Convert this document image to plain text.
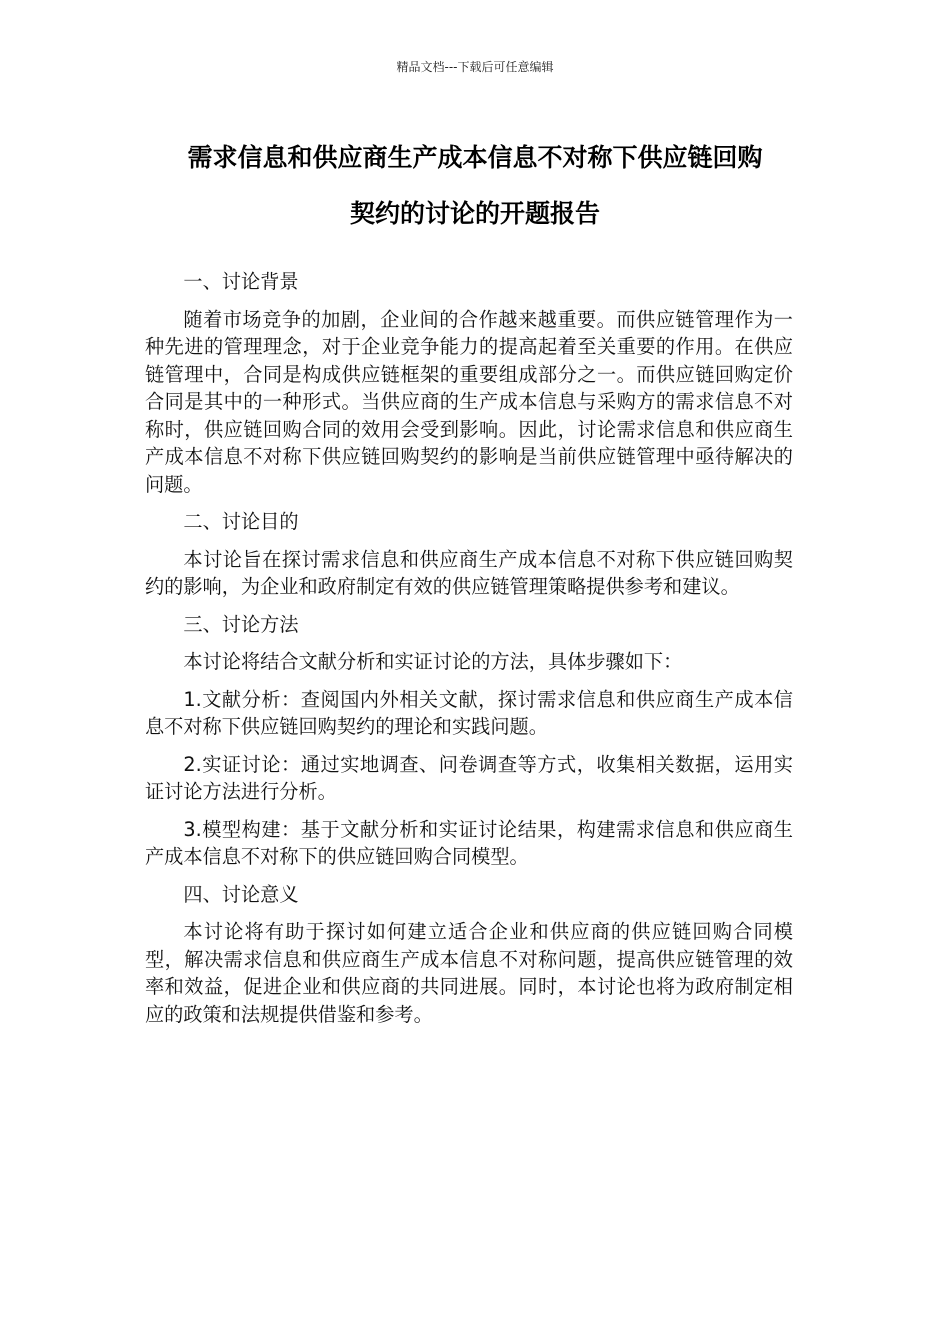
精品文档---下载后可任意编辑
需求信息和供应商生产成本信息不对称下供应链回购
契约的讨论的开题报告

一、讨论背景

随着市场竞争的加剧，企业间的合作越来越重要。而供应链管理作为一种先进的管理理念，对于企业竞争能力的提高起着至关重要的作用。在供应链管理中，合同是构成供应链框架的重要组成部分之一。而供应链回购定价合同是其中的一种形式。当供应商的生产成本信息与采购方的需求信息不对称时，供应链回购合同的效用会受到影响。因此，讨论需求信息和供应商生产成本信息不对称下供应链回购契约的影响是当前供应链管理中亟待解决的问题。

二、讨论目的

本讨论旨在探讨需求信息和供应商生产成本信息不对称下供应链回购契约的影响，为企业和政府制定有效的供应链管理策略提供参考和建议。

三、讨论方法

本讨论将结合文献分析和实证讨论的方法，具体步骤如下：

1.文献分析：查阅国内外相关文献，探讨需求信息和供应商生产成本信息不对称下供应链回购契约的理论和实践问题。

2.实证讨论：通过实地调查、问卷调查等方式，收集相关数据，运用实证讨论方法进行分析。

3.模型构建：基于文献分析和实证讨论结果，构建需求信息和供应商生产成本信息不对称下的供应链回购合同模型。

四、讨论意义

本讨论将有助于探讨如何建立适合企业和供应商的供应链回购合同模型，解决需求信息和供应商生产成本信息不对称问题，提高供应链管理的效率和效益，促进企业和供应商的共同进展。同时，本讨论也将为政府制定相应的政策和法规提供借鉴和参考。
